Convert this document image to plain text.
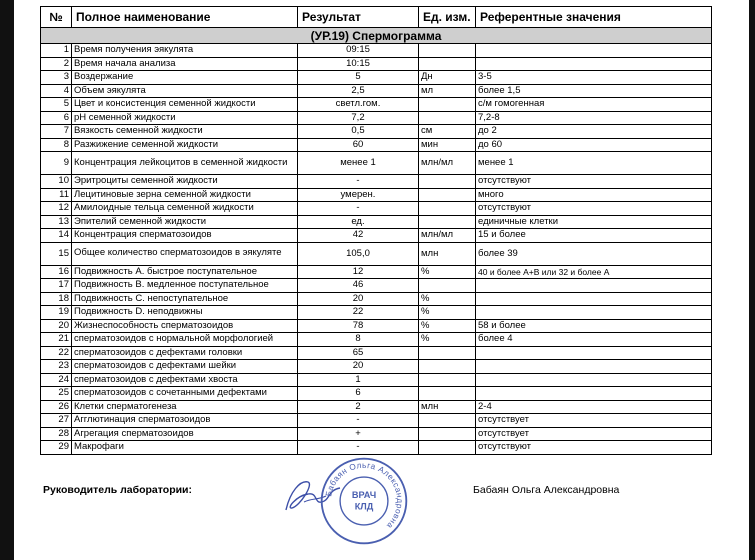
№	Полное наименование	Результат	Ед. изм.	Референтные значения
(УР.19) Спермограмма				
1	Время получения эякулята	09:15		
2	Время начала анализа	10:15		
3	Воздержание	5	Дн	3-5
4	Объем эякулята	2,5	мл	более 1,5
5	Цвет и консистенция семенной жидкости	светл.гом.		с/м гомогенная
6	pH семенной жидкости	7,2		7,2-8
7	Вязкость семенной жидкости	0,5	см	до 2
8	Разжижение семенной жидкости	60	мин	до 60
9	Концентрация лейкоцитов в семенной жидкости	менее 1	млн/мл	менее 1
10	Эритроциты семенной жидкости	-		отсутствуют
11	Лецитиновые зерна семенной жидкости	умерен.		много
12	Амилоидные тельца семенной жидкости	-		отсутствуют
13	Эпителий семенной жидкости	ед.		единичные клетки
14	Концентрация сперматозоидов	42	млн/мл	15 и более
15	Общее количество сперматозоидов в эякуляте	105,0	млн	более 39
16	Подвижность А. быстрое поступательное	12	%	40 и более А+В или 32 и более А
17	Подвижность В. медленное поступательное	46		
18	Подвижность С. непоступательное	20	%	
19	Подвижность D. неподвижны	22	%	
20	Жизнеспособность сперматозоидов	78	%	58 и более
21	сперматозоидов с нормальной морфологией	8	%	более 4
22	сперматозоидов с дефектами головки	65		
23	сперматозоидов с дефектами шейки	20		
24	сперматозоидов с дефектами хвоста	1		
25	сперматозоидов с сочетанными дефектами	6		
26	Клетки сперматогенеза	2	млн	2-4
27	Агглютинация сперматозоидов	-		отсутствует
28	Агрегация сперматозоидов	+		отсутствует
29	Макрофаги	-		отсутствуют
Руководитель лаборатории:	Бабаян Ольга Александровна
ВРАЧ
КЛД
Бабаян Ольга Александровна
